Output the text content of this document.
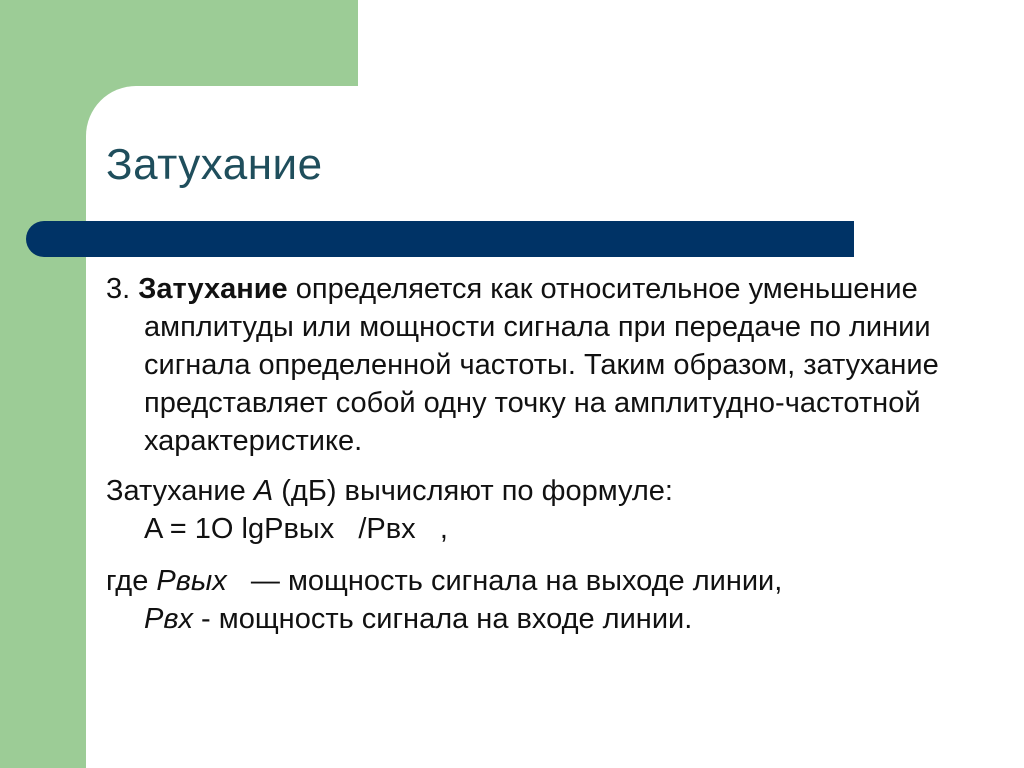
Затухание

3. Затухание определяется как относительное уменьшение амплитуды или мощности сигнала при передаче по линии сигнала определенной частоты. Таким образом, затухание представляет собой одну точку на амплитудно-частотной характеристике.

Затухание A (дБ) вычисляют по формуле:
A = 1O lgPвых   /Pвх   ,

где Pвых — мощность сигнала на выходе линии,
Pвх - мощность сигнала на входе линии.
